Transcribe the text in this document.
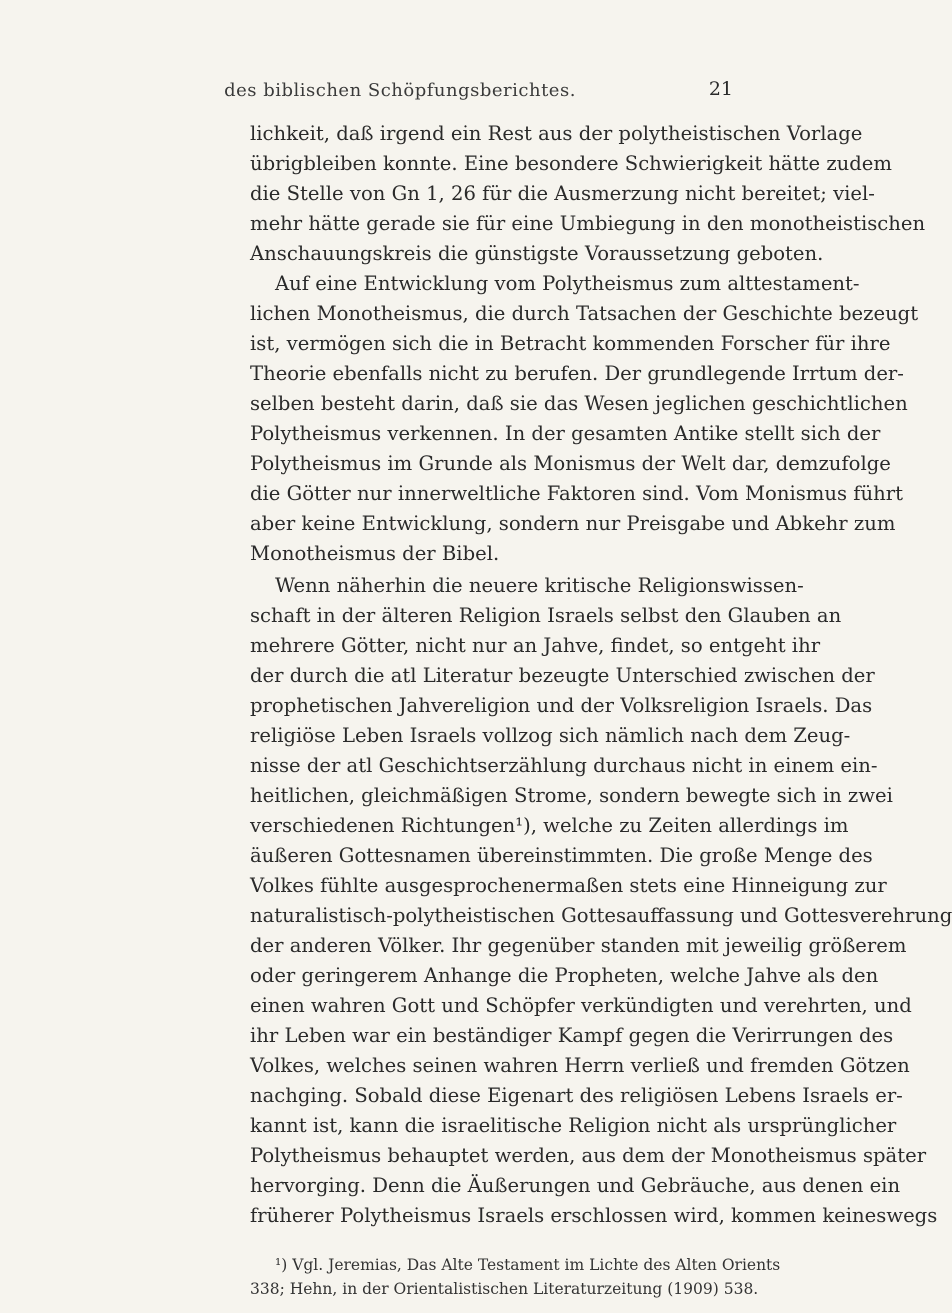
des biblischen Schöpfungsberichtes.	21
lichkeit, daß irgend ein Rest aus der polytheistischen Vorlage
übrigbleiben konnte. Eine besondere Schwierigkeit hätte zudem
die Stelle von Gn 1, 26 für die Ausmerzung nicht bereitet; viel-
mehr hätte gerade sie für eine Umbiegung in den monotheistischen
Anschauungskreis die günstigste Voraussetzung geboten.
Auf eine Entwicklung vom Polytheismus zum alttestament-
lichen Monotheismus, die durch Tatsachen der Geschichte bezeugt
ist, vermögen sich die in Betracht kommenden Forscher für ihre
Theorie ebenfalls nicht zu berufen. Der grundlegende Irrtum der-
selben besteht darin, daß sie das Wesen jeglichen geschichtlichen
Polytheismus verkennen. In der gesamten Antike stellt sich der
Polytheismus im Grunde als Monismus der Welt dar, demzufolge
die Götter nur innerweltliche Faktoren sind. Vom Monismus führt
aber keine Entwicklung, sondern nur Preisgabe und Abkehr zum
Monotheismus der Bibel.
Wenn näherhin die neuere kritische Religionswissen-
schaft in der älteren Religion Israels selbst den Glauben an
mehrere Götter, nicht nur an Jahve, findet, so entgeht ihr
der durch die atl Literatur bezeugte Unterschied zwischen der
prophetischen Jahvereligion und der Volksreligion Israels. Das
religiöse Leben Israels vollzog sich nämlich nach dem Zeug-
nisse der atl Geschichtserzählung durchaus nicht in einem ein-
heitlichen, gleichmäßigen Strome, sondern bewegte sich in zwei
verschiedenen Richtungen¹), welche zu Zeiten allerdings im
äußeren Gottesnamen übereinstimmten. Die große Menge des
Volkes fühlte ausgesprochenermaßen stets eine Hinneigung zur
naturalistisch-polytheistischen Gottesauffassung und Gottesverehrung
der anderen Völker. Ihr gegenüber standen mit jeweilig größerem
oder geringerem Anhange die Propheten, welche Jahve als den
einen wahren Gott und Schöpfer verkündigten und verehrten, und
ihr Leben war ein beständiger Kampf gegen die Verirrungen des
Volkes, welches seinen wahren Herrn verließ und fremden Götzen
nachging. Sobald diese Eigenart des religiösen Lebens Israels er-
kannt ist, kann die israelitische Religion nicht als ursprünglicher
Polytheismus behauptet werden, aus dem der Monotheismus später
hervorging. Denn die Äußerungen und Gebräuche, aus denen ein
früherer Polytheismus Israels erschlossen wird, kommen keineswegs
¹) Vgl. Jeremias, Das Alte Testament im Lichte des Alten Orients
338; Hehn, in der Orientalistischen Literaturzeitung (1909) 538.
